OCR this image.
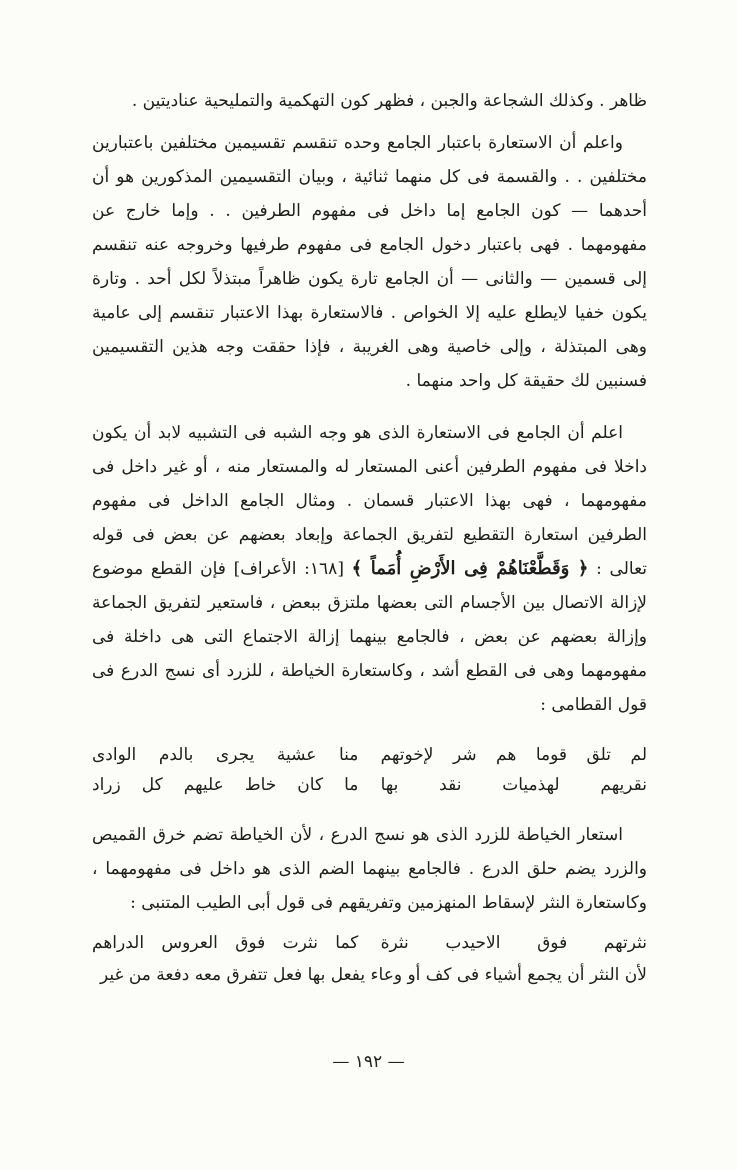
ظاهر . وكذلك الشجاعة والجبن ، فظهر كون التهكمية والتمليحية عناديتين .

واعلم أن الاستعارة باعتبار الجامع وحده تنقسم تقسيمين مختلفين باعتبارين مختلفين . . والقسمة فى كل منهما ثنائية ، وبيان التقسيمين المذكورين هو أن أحدهما — كون الجامع إما داخل فى مفهوم الطرفين . . وإما خارج عن مفهومهما . فهى باعتبار دخول الجامع فى مفهوم طرفيها وخروجه عنه تنقسم إلى قسمين — والثانى — أن الجامع تارة يكون ظاهراً مبتذلاً لكل أحد . وتارة يكون خفيا لايطلع عليه إلا الخواص . فالاستعارة بهذا الاعتبار تنقسم إلى عامية وهى المبتذلة ، وإلى خاصية وهى الغريبة ، فإذا حققت وجه هذين التقسيمين فسنبين لك حقيقة كل واحد منهما .

اعلم أن الجامع فى الاستعارة الذى هو وجه الشبه فى التشبيه لابد أن يكون داخلا فى مفهوم الطرفين أعنى المستعار له والمستعار منه ، أو غير داخل فى مفهومهما ، فهى بهذا الاعتبار قسمان . ومثال الجامع الداخل فى مفهوم الطرفين استعارة التقطيع لتفريق الجماعة وإبعاد بعضهم عن بعض فى قوله تعالى : ﴿ وَقَطَّعْنَاهُمْ فِى الأَرْضِ أُمَماً ﴾ [١٦٨: الأعراف] فإن القطع موضوع لإزالة الاتصال بين الأجسام التى بعضها ملتزق ببعض ، فاستعير لتفريق الجماعة وإزالة بعضهم عن بعض ، فالجامع بينهما إزالة الاجتماع التى هى داخلة فى مفهومهما وهى فى القطع أشد ، وكاستعارة الخياطة ، للزرد أى نسج الدرع فى قول القطامى :

لم تلق قوما هم شر لإخوتهم
منا عشية يجرى بالدم الوادى
نقريهم لهذميات نقد بها
ما كان خاط عليهم كل زراد

استعار الخياطة للزرد الذى هو نسج الدرع ، لأن الخياطة تضم خرق القميص والزرد يضم حلق الدرع . فالجامع بينهما الضم الذى هو داخل فى مفهومهما ، وكاستعارة النثر لإسقاط المنهزمين وتفريقهم فى قول أبى الطيب المتنبى :

نثرتهم فوق الاحيدب نثرة
كما نثرت فوق العروس الدراهم

لأن النثر أن يجمع أشياء فى كف أو وعاء يفعل بها فعل تتفرق معه دفعة من غير

— ١٩٢ —
